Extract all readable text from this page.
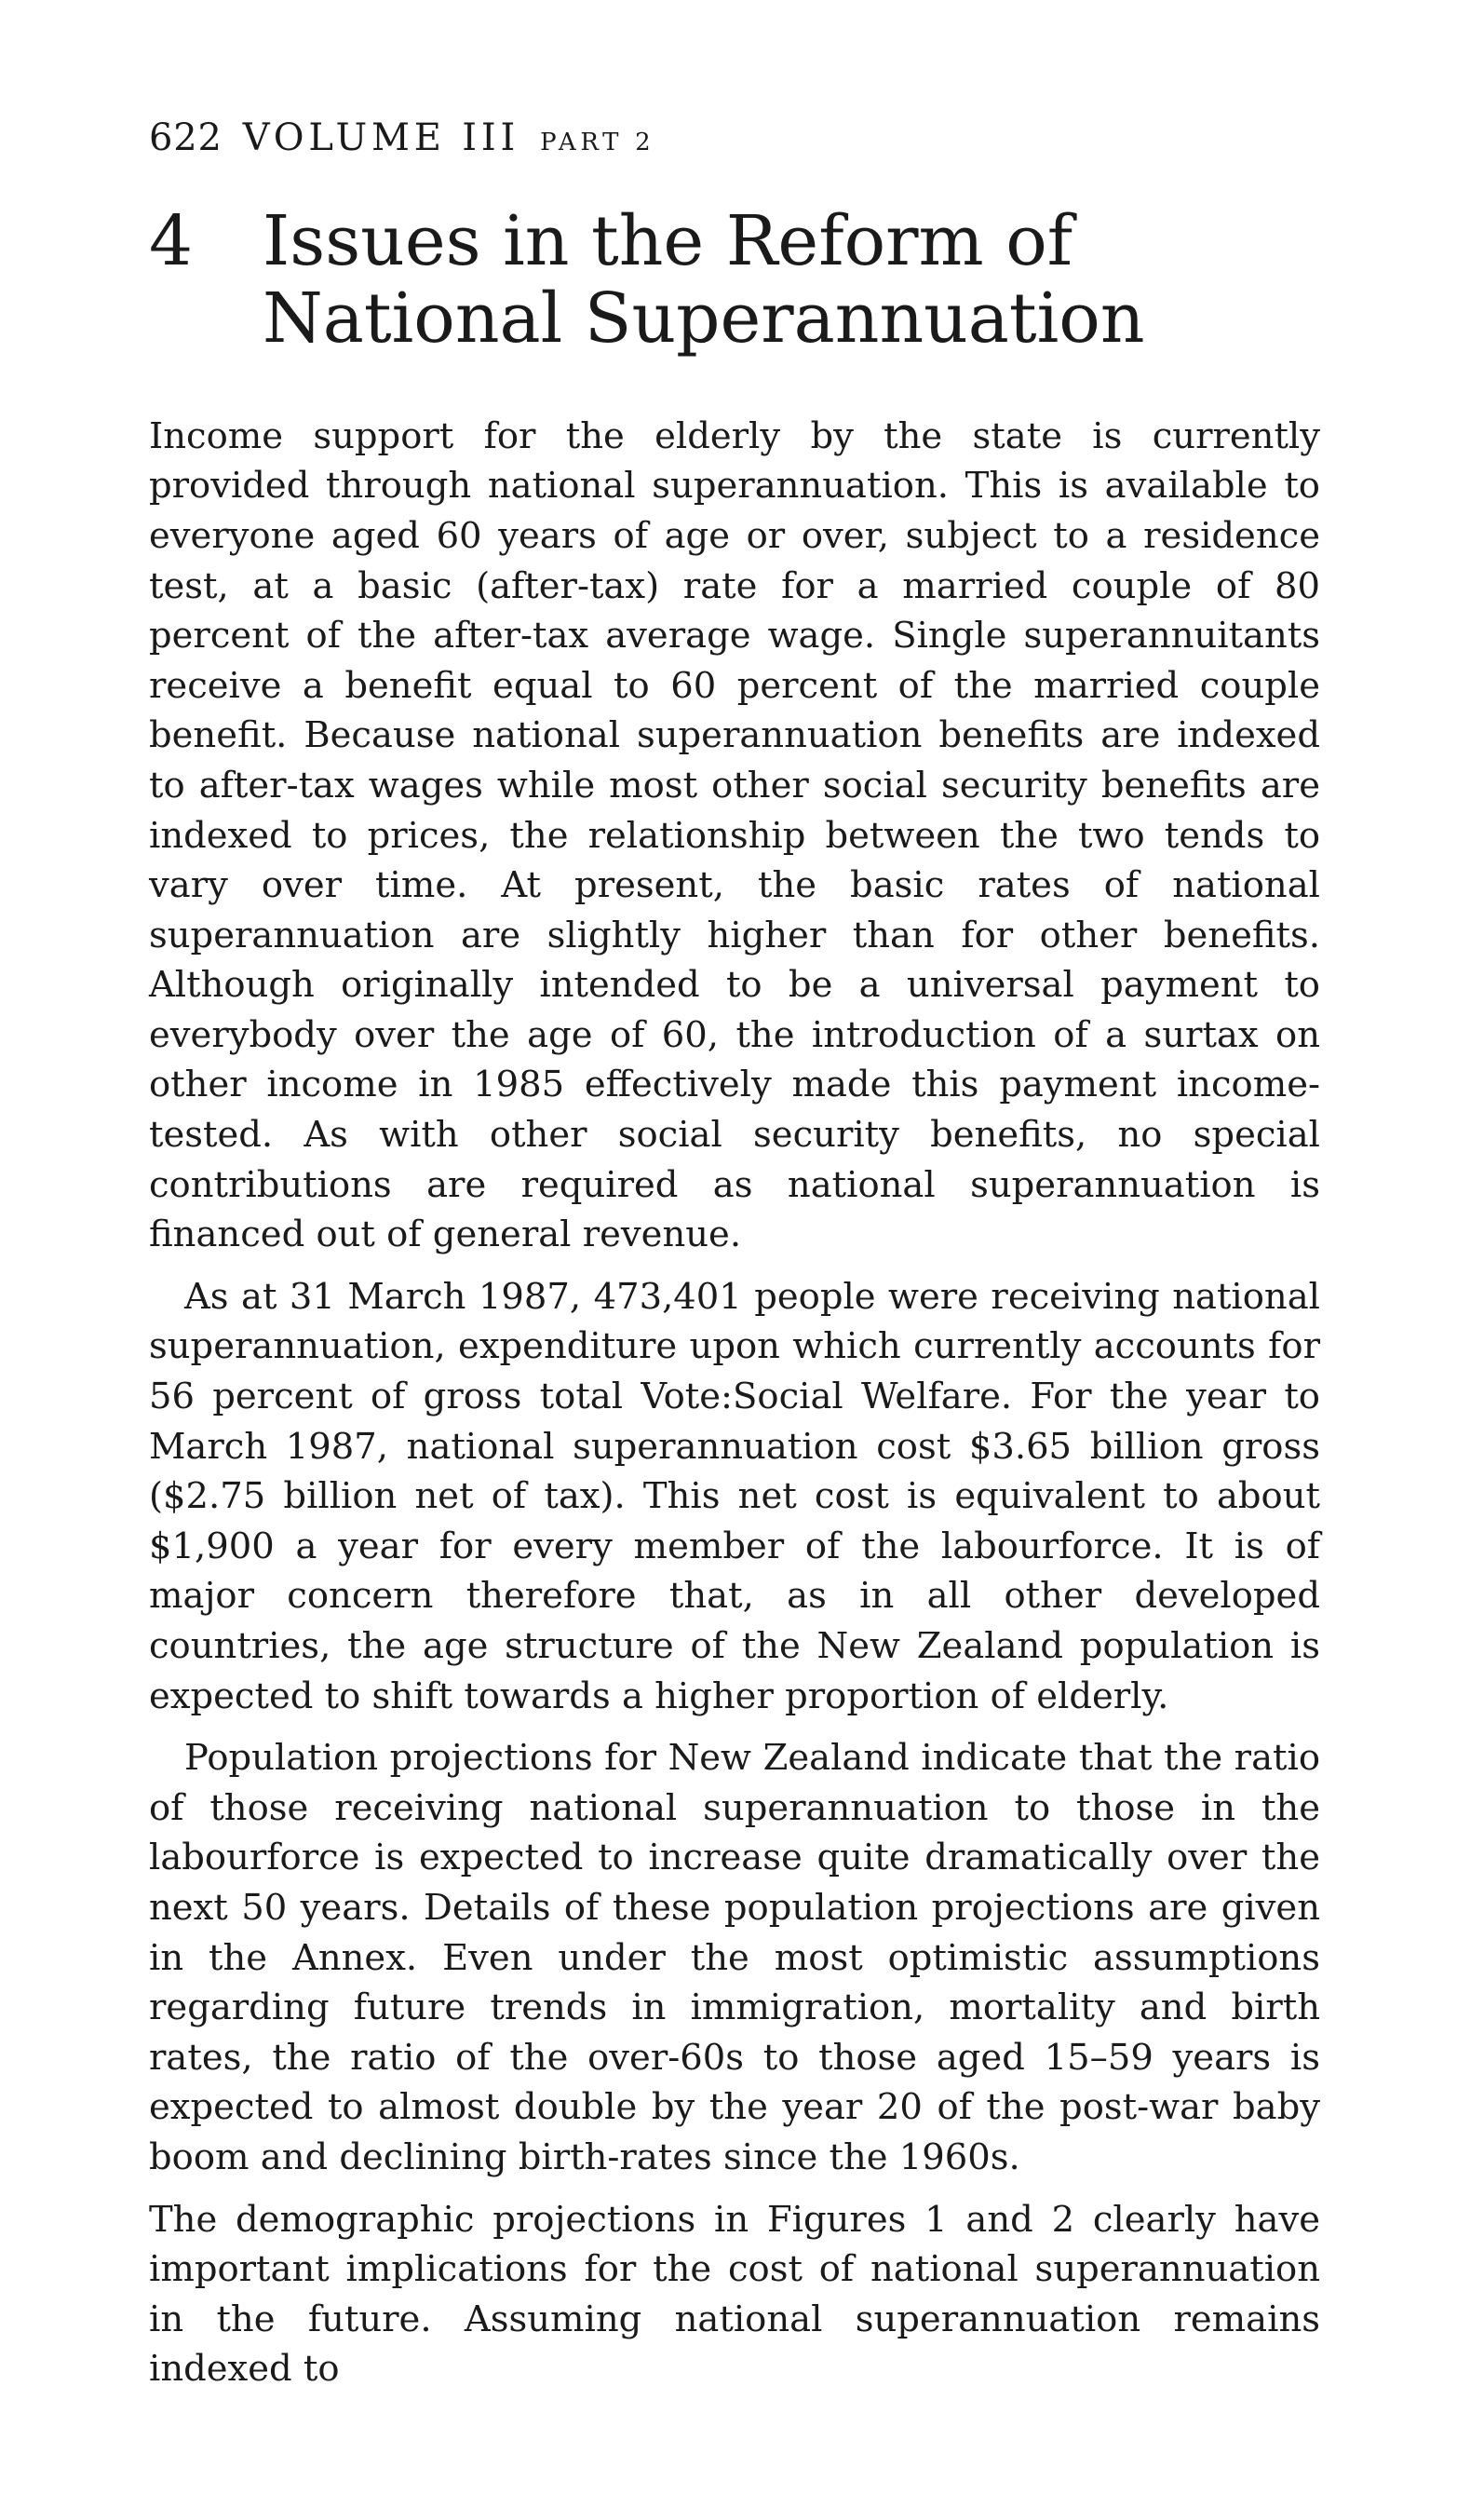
622 VOLUME III PART 2
4	Issues in the Reform of National Superannuation

Income support for the elderly by the state is currently provided through national superannuation. This is available to everyone aged 60 years of age or over, subject to a residence test, at a basic (after-tax) rate for a married couple of 80 percent of the after-tax average wage. Single superannuitants receive a benefit equal to 60 percent of the married couple benefit. Because national superannuation benefits are indexed to after-tax wages while most other social security benefits are indexed to prices, the relationship between the two tends to vary over time. At present, the basic rates of national superannuation are slightly higher than for other benefits. Although originally intended to be a universal payment to everybody over the age of 60, the introduction of a surtax on other income in 1985 effectively made this payment income-tested. As with other social security benefits, no special contributions are required as national superannuation is financed out of general revenue.

As at 31 March 1987, 473,401 people were receiving national superannuation, expenditure upon which currently accounts for 56 percent of gross total Vote:Social Welfare. For the year to March 1987, national superannuation cost $3.65 billion gross ($2.75 billion net of tax). This net cost is equivalent to about $1,900 a year for every member of the labourforce. It is of major concern therefore that, as in all other developed countries, the age structure of the New Zealand population is expected to shift towards a higher proportion of elderly.

Population projections for New Zealand indicate that the ratio of those receiving national superannuation to those in the labourforce is expected to increase quite dramatically over the next 50 years. Details of these population projections are given in the Annex. Even under the most optimistic assumptions regarding future trends in immigration, mortality and birth rates, the ratio of the over-60s to those aged 15–59 years is expected to almost double by the year 20 of the post-war baby boom and declining birth-rates since the 1960s.

The demographic projections in Figures 1 and 2 clearly have important implications for the cost of national superannuation in the future. Assuming national superannuation remains indexed to
